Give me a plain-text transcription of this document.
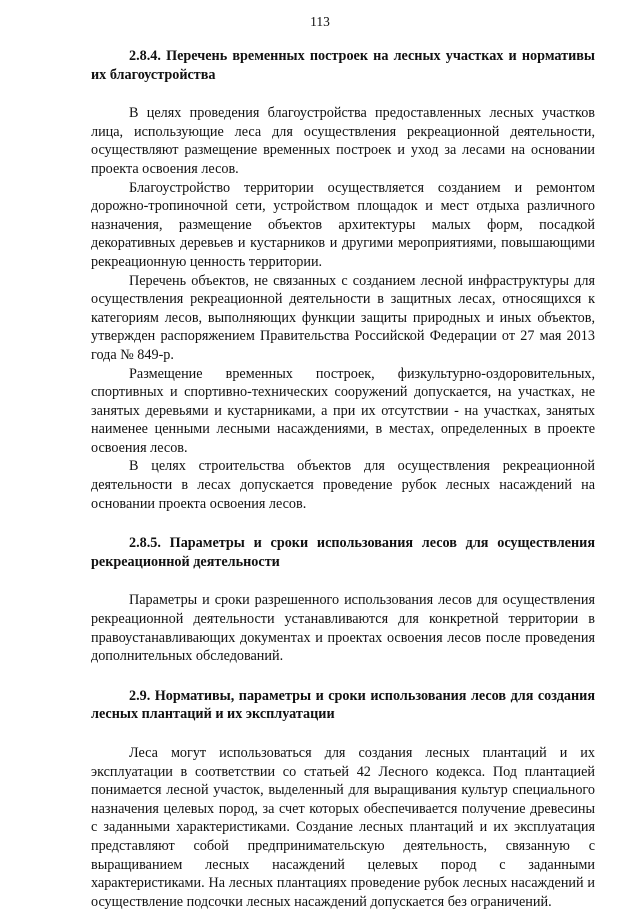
113

2.8.4. Перечень временных построек на лесных участках и нормативы их благоустройства

В целях проведения благоустройства предоставленных лесных участков лица, использующие леса для осуществления рекреационной деятельности, осуществляют размещение временных построек и уход за лесами на основании проекта освоения лесов.

Благоустройство территории осуществляется созданием и ремонтом дорожно-тропиночной сети, устройством площадок и мест отдыха различного назначения, размещение объектов архитектуры малых форм, посадкой декоративных деревьев и кустарников и другими мероприятиями, повышающими рекреационную ценность территории.

Перечень объектов, не связанных с созданием лесной инфраструктуры для осуществления рекреационной деятельности в защитных лесах, относящихся к категориям лесов, выполняющих функции защиты природных и иных объектов, утвержден распоряжением Правительства Российской Федерации от 27 мая 2013 года № 849-р.

Размещение временных построек, физкультурно-оздоровительных, спортивных и спортивно-технических сооружений допускается, на участках, не занятых деревьями и кустарниками, а при их отсутствии - на участках, занятых наименее ценными лесными насаждениями, в местах, определенных в проекте освоения лесов.

В целях строительства объектов для осуществления рекреационной деятельности в лесах допускается проведение рубок лесных насаждений на основании проекта освоения лесов.

2.8.5. Параметры и сроки использования лесов для осуществления рекреационной деятельности

Параметры и сроки разрешенного использования лесов для осуществления рекреационной деятельности устанавливаются для конкретной территории в правоустанавливающих документах и проектах освоения лесов после проведения дополнительных обследований.

2.9. Нормативы, параметры и сроки использования лесов для создания лесных плантаций и их эксплуатации

Леса могут использоваться для создания лесных плантаций и их эксплуатации в соответствии со статьей 42 Лесного кодекса. Под плантацией понимается лесной участок, выделенный для выращивания культур специального назначения целевых пород, за счет которых обеспечивается получение древесины с заданными характеристиками. Создание лесных плантаций и их эксплуатация представляют собой предпринимательскую деятельность, связанную с выращиванием лесных насаждений целевых пород с заданными характеристиками. На лесных плантациях проведение рубок лесных насаждений и осуществление подсочки лесных насаждений допускается без ограничений.
